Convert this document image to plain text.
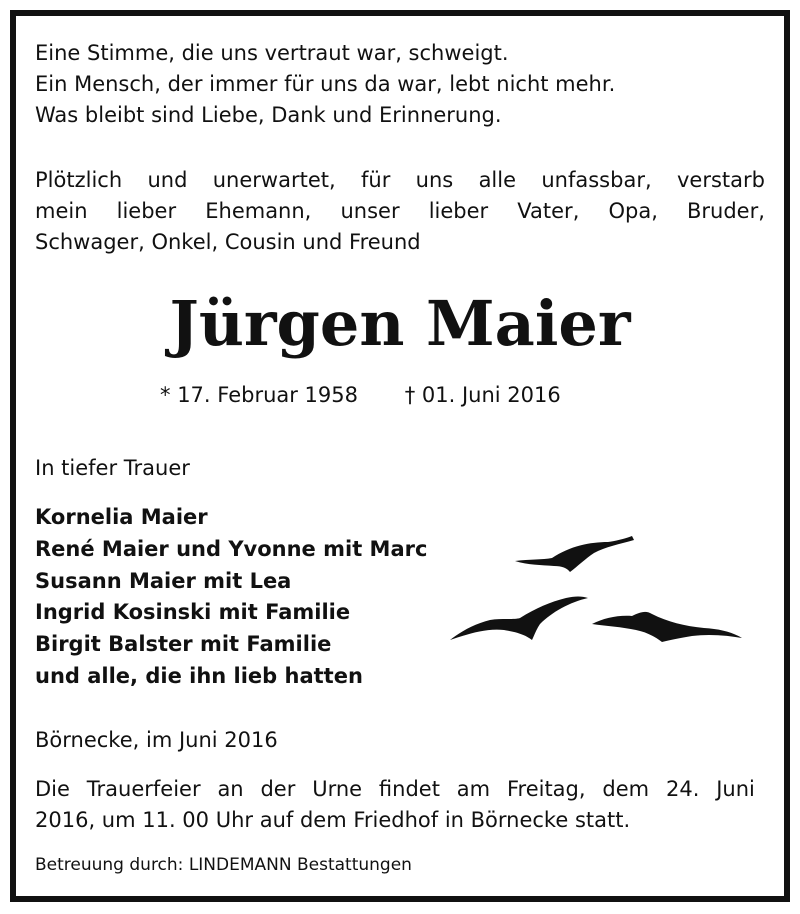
Eine Stimme, die uns vertraut war, schweigt.
Ein Mensch, der immer für uns da war, lebt nicht mehr.
Was bleibt sind Liebe, Dank und Erinnerung.
Plötzlich und unerwartet, für uns alle unfassbar, verstarb
mein lieber Ehemann, unser lieber Vater, Opa, Bruder,
Schwager, Onkel, Cousin und Freund
Jürgen Maier
* 17. Februar 1958 † 01. Juni 2016
In tiefer Trauer
Kornelia Maier
René Maier und Yvonne mit Marc
Susann Maier mit Lea
Ingrid Kosinski mit Familie
Birgit Balster mit Familie
und alle, die ihn lieb hatten
Börnecke, im Juni 2016
Die Trauerfeier an der Urne findet am Freitag, dem 24. Juni
2016, um 11. 00 Uhr auf dem Friedhof in Börnecke statt.
Betreuung durch: LINDEMANN Bestattungen
